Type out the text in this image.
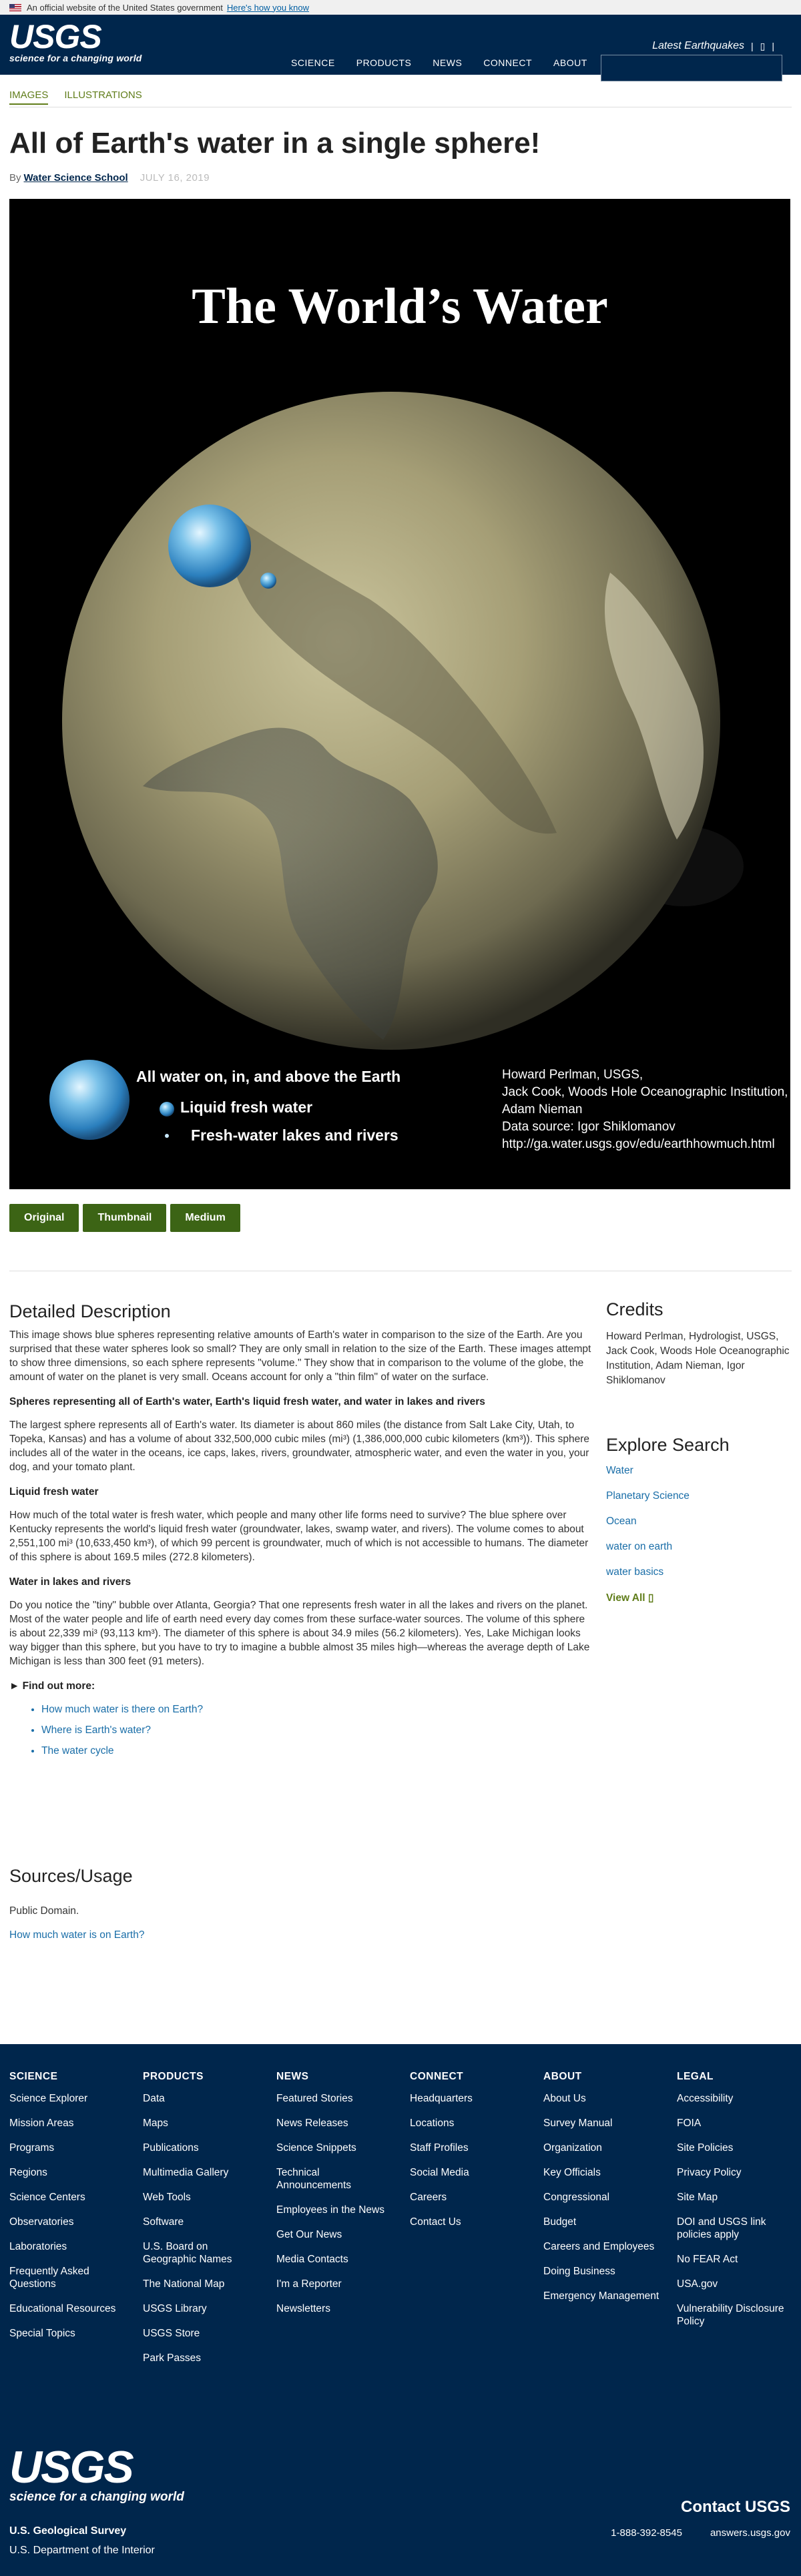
An official website of the United States government Here's how you know
USGS
science for a changing world	SCIENCE PRODUCTS NEWS CONNECT ABOUT
Latest Earthquakes | ▯ |
IMAGES ILLUSTRATIONS
All of Earth's water in a single sphere!
By Water Science School JULY 16, 2019
The World’s Water
All water on, in, and above the Earth
Liquid fresh water
Fresh-water lakes and rivers
Howard Perlman, USGS,
Jack Cook, Woods Hole Oceanographic Institution,
Adam Nieman
Data source: Igor Shiklomanov
http://ga.water.usgs.gov/edu/earthhowmuch.html
Original	Thumbnail	Medium
Detailed Description

This image shows blue spheres representing relative amounts of Earth's water in comparison to the size of the Earth. Are you surprised that these water spheres look so small? They are only small in relation to the size of the Earth. These images attempt to show three dimensions, so each sphere represents "volume." They show that in comparison to the volume of the globe, the amount of water on the planet is very small. Oceans account for only a "thin film" of water on the surface.

Spheres representing all of Earth's water, Earth's liquid fresh water, and water in lakes and rivers

The largest sphere represents all of Earth's water. Its diameter is about 860 miles (the distance from Salt Lake City, Utah, to Topeka, Kansas) and has a volume of about 332,500,000 cubic miles (mi³) (1,386,000,000 cubic kilometers (km³)). This sphere includes all of the water in the oceans, ice caps, lakes, rivers, groundwater, atmospheric water, and even the water in you, your dog, and your tomato plant.

Liquid fresh water

How much of the total water is fresh water, which people and many other life forms need to survive? The blue sphere over Kentucky represents the world's liquid fresh water (groundwater, lakes, swamp water, and rivers). The volume comes to about 2,551,100 mi³ (10,633,450 km³), of which 99 percent is groundwater, much of which is not accessible to humans. The diameter of this sphere is about 169.5 miles (272.8 kilometers).

Water in lakes and rivers

Do you notice the "tiny" bubble over Atlanta, Georgia? That one represents fresh water in all the lakes and rivers on the planet. Most of the water people and life of earth need every day comes from these surface-water sources. The volume of this sphere is about 22,339 mi³ (93,113 km³). The diameter of this sphere is about 34.9 miles (56.2 kilometers). Yes, Lake Michigan looks way bigger than this sphere, but you have to try to imagine a bubble almost 35 miles high—whereas the average depth of Lake Michigan is less than 300 feet (91 meters).

► Find out more:
• How much water is there on Earth?
• Where is Earth's water?
• The water cycle
Sources/Usage

Public Domain.

How much water is on Earth?
Credits
Howard Perlman, Hydrologist, USGS, Jack Cook, Woods Hole Oceanographic Institution, Adam Nieman, Igor Shiklomanov
Explore Search
Water
Planetary Science
Ocean
water on earth
water basics
View All ▯
SCIENCE
Science Explorer
Mission Areas
Programs
Regions
Science Centers
Observatories
Laboratories
Frequently Asked Questions
Educational Resources
Special Topics
PRODUCTS
Data
Maps
Publications
Multimedia Gallery
Web Tools
Software
U.S. Board on Geographic Names
The National Map
USGS Library
USGS Store
Park Passes
NEWS
Featured Stories
News Releases
Science Snippets
Technical Announcements
Employees in the News
Get Our News
Media Contacts
I'm a Reporter
Newsletters
CONNECT
Headquarters
Locations
Staff Profiles
Social Media
Careers
Contact Us
ABOUT
About Us
Survey Manual
Organization
Key Officials
Congressional
Budget
Careers and Employees
Doing Business
Emergency Management
LEGAL
Accessibility
FOIA
Site Policies
Privacy Policy
Site Map
DOI and USGS link policies apply
No FEAR Act
USA.gov
Vulnerability Disclosure Policy
USGS
science for a changing world
U.S. Geological Survey
U.S. Department of the Interior
Contact USGS
1-888-392-8545	answers.usgs.gov
